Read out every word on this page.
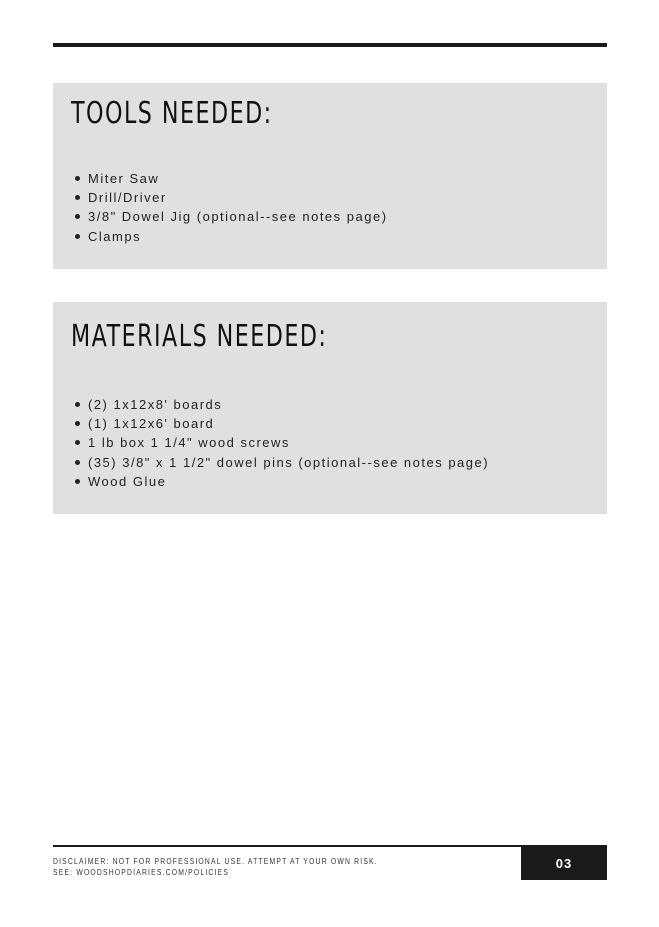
TOOLS NEEDED:
Miter Saw
Drill/Driver
3/8" Dowel Jig (optional--see notes page)
Clamps
MATERIALS NEEDED:
(2) 1x12x8' boards
(1) 1x12x6' board
1 lb box 1 1/4" wood screws
(35) 3/8" x 1 1/2" dowel pins (optional--see notes page)
Wood Glue
DISCLAIMER: NOT FOR PROFESSIONAL USE. ATTEMPT AT YOUR OWN RISK.
SEE: WOODSHOPDIARIES.COM/POLICIES
03
